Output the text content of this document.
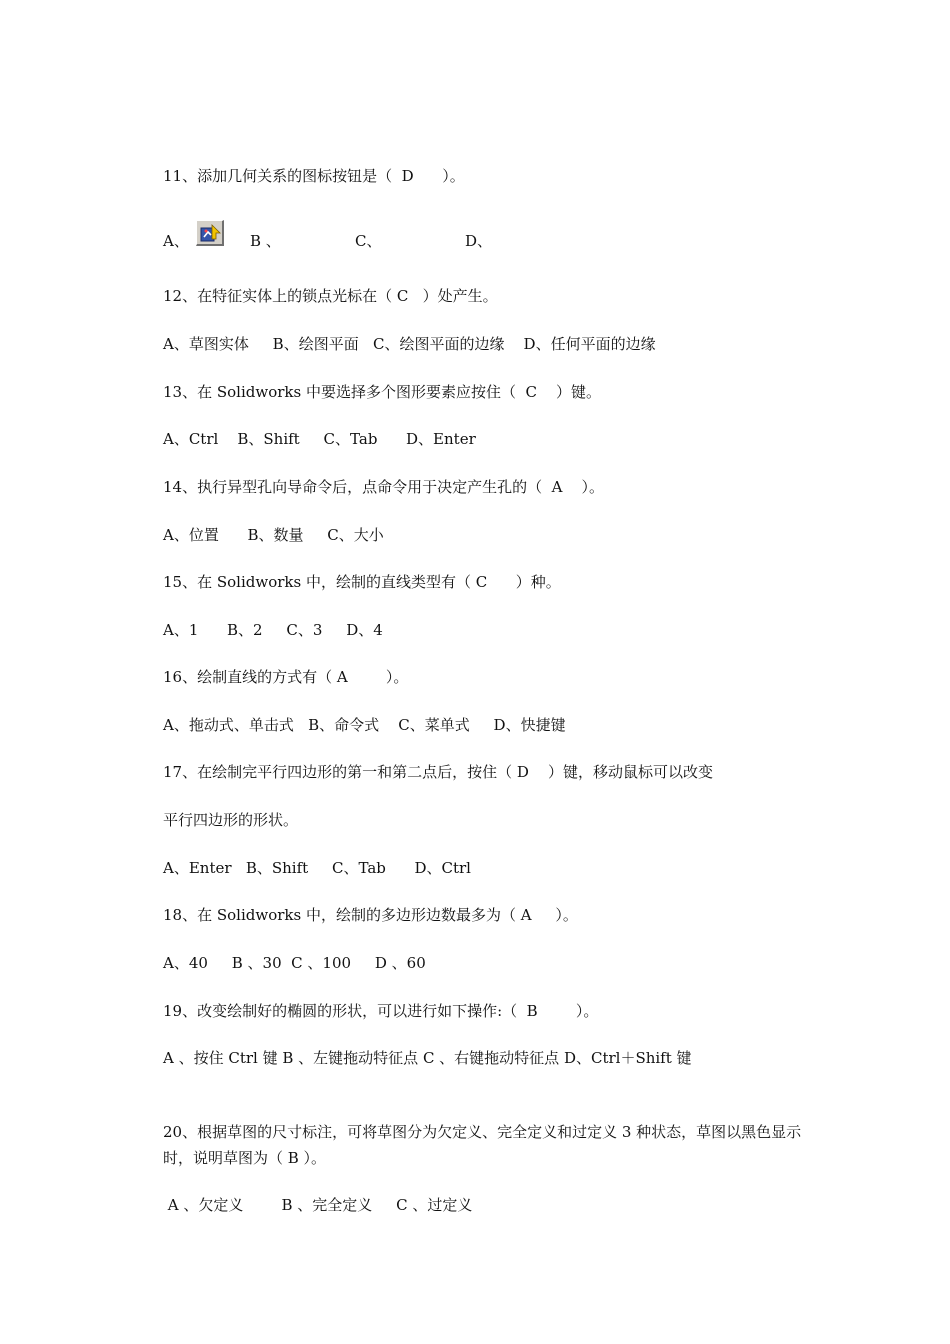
11、添加几何关系的图标按钮是（  D      ）。

A、	B 、	C、	D、

12、在特征实体上的锁点光标在（ C   ）处产生。

A、草图实体     B、绘图平面   C、绘图平面的边缘    D、任何平面的边缘

13、在 Solidworks 中要选择多个图形要素应按住（  C    ）键。

A、Ctrl    B、Shift     C、Tab      D、Enter

14、执行异型孔向导命令后，点命令用于决定产生孔的（  A    ）。

A、位置      B、数量     C、大小

15、在 Solidworks 中，绘制的直线类型有（ C      ）种。

A、1      B、2     C、3     D、4

16、绘制直线的方式有（ A        ）。

A、拖动式、单击式   B、命令式    C、菜单式     D、快捷键

17、在绘制完平行四边形的第一和第二点后，按住（ D    ）键，移动鼠标可以改变

平行四边形的形状。

A、Enter   B、Shift     C、Tab      D、Ctrl

18、在 Solidworks 中，绘制的多边形边数最多为（ A     ）。

A、40     B 、30  C 、100     D 、60

19、改变绘制好的椭圆的形状，可以进行如下操作:（  B        ）。

A 、按住 Ctrl 键 B 、左键拖动特征点 C 、右键拖动特征点 D、Ctrl＋Shift 键

20、根据草图的尺寸标注，可将草图分为欠定义、完全定义和过定义 3 种状态，草图以黑色显示时，说明草图为（ B ）。

A 、欠定义        B 、完全定义     C 、过定义
